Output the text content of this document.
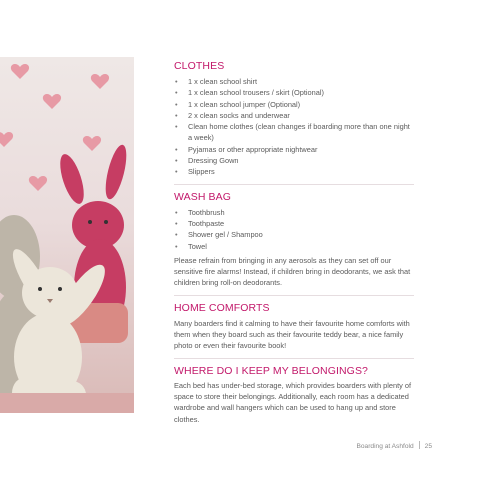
CLOTHES
• 1 x clean school shirt
• 1 x clean school trousers / skirt (Optional)
• 1 x clean school jumper (Optional)
• 2 x clean socks and underwear
• Clean home clothes (clean changes if boarding more than one night a week)
• Pyjamas or other appropriate nightwear
• Dressing Gown
• Slippers
WASH BAG
• Toothbrush
• Toothpaste
• Shower gel / Shampoo
• Towel

Please refrain from bringing in any aerosols as they can set off our sensitive fire alarms! Instead, if children bring in deodorants, we ask that children bring roll-on deodorants.

HOME COMFORTS

Many boarders find it calming to have their favourite home comforts with them when they board such as their favourite teddy bear, a nice family photo or even their favourite book!

WHERE DO I KEEP MY BELONGINGS?

Each bed has under-bed storage, which provides boarders with plenty of space to store their belongings. Additionally, each room has a dedicated wardrobe and wall hangers which can be used to hang up and store clothes.

Boarding at Ashfold 25
